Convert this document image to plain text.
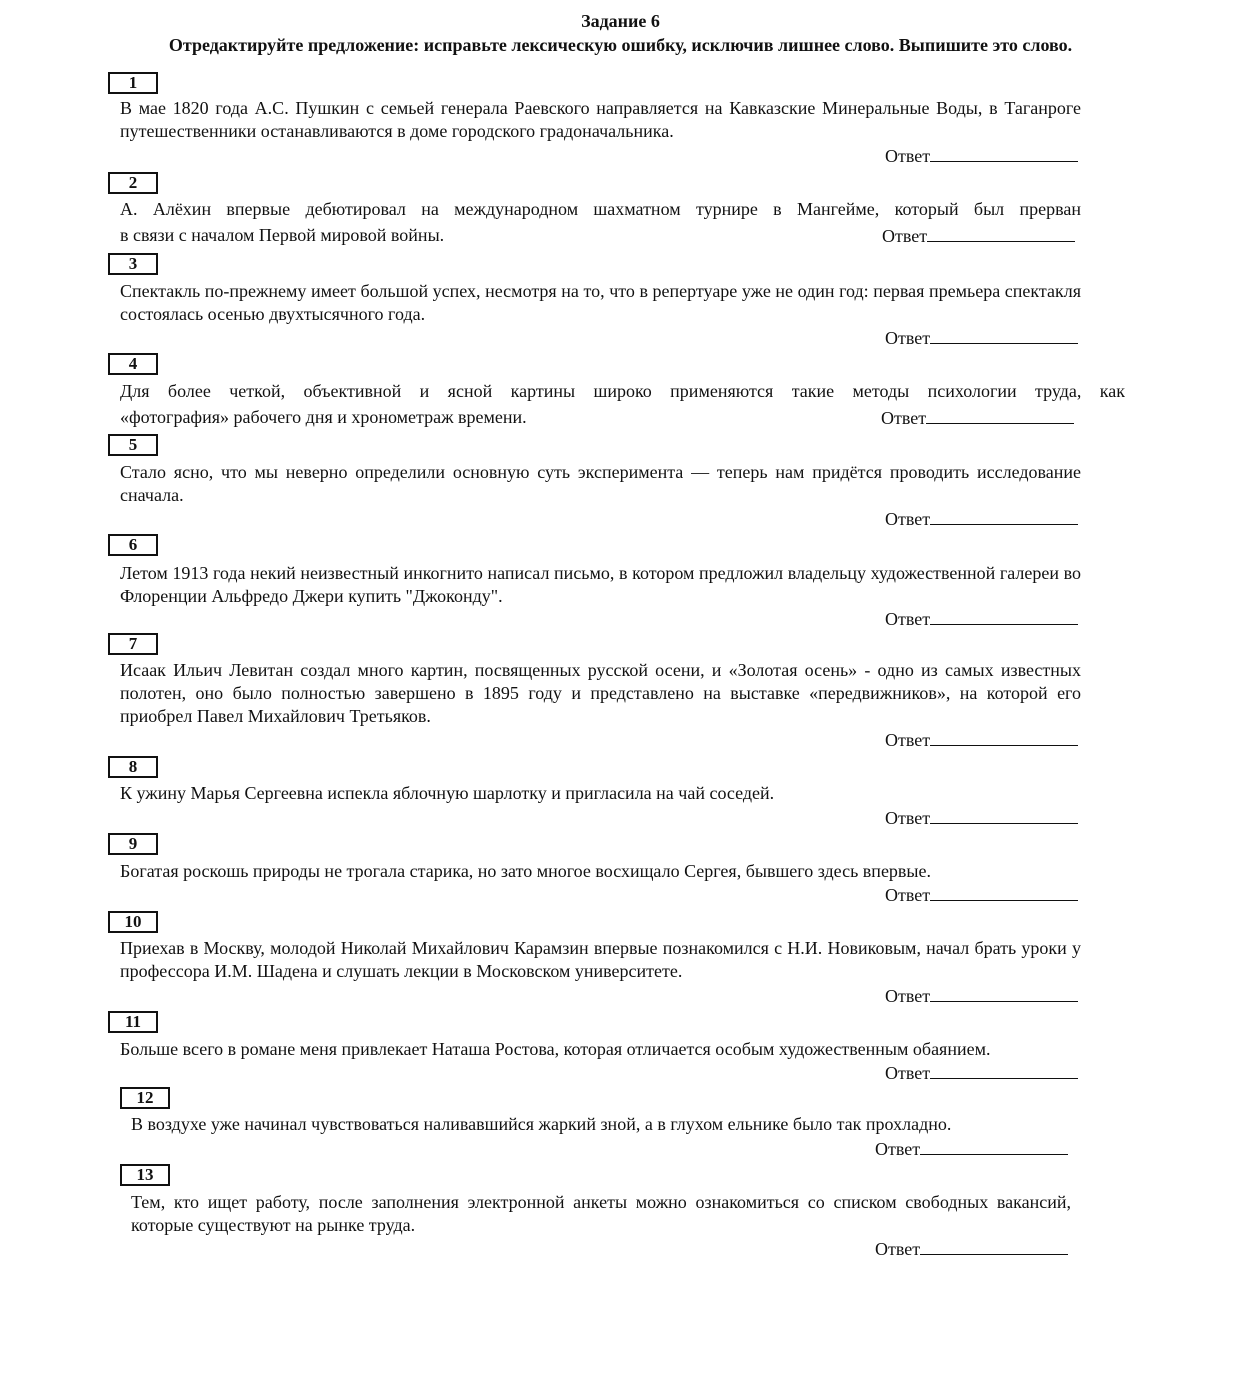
Задание 6
Отредактируйте предложение: исправьте лексическую ошибку, исключив лишнее слово. Выпишите это слово.
1
В мае 1820 года А.С. Пушкин с семьей генерала Раевского направляется на Кавказские Минеральные Воды, в Таганроге путешественники останавливаются в доме городского градоначальника.
Ответ
2
А. Алёхин впервые дебютировал на международном шахматном турнире в Мангейме, который был прерван
в связи с началом Первой мировой войны.	Ответ
3
Спектакль по-прежнему имеет большой успех, несмотря на то, что в репертуаре уже не один год: первая премьера спектакля состоялась осенью двухтысячного года.
Ответ
4
Для более четкой, объективной и ясной картины широко применяются такие методы психологии труда, как
«фотография» рабочего дня и хронометраж времени.	Ответ
5
Стало ясно, что мы неверно определили основную суть эксперимента — теперь нам придётся проводить исследование сначала.
Ответ
6
Летом 1913 года некий неизвестный инкогнито написал письмо, в котором предложил владельцу художественной галереи во Флоренции Альфредо Джери купить "Джоконду".
Ответ
7
Исаак Ильич Левитан создал много картин, посвященных русской осени, и «Золотая осень» - одно из самых известных полотен, оно было полностью завершено в 1895 году и представлено на выставке «передвижников», на которой его приобрел Павел Михайлович Третьяков.
Ответ
8
К ужину Марья Сергеевна испекла яблочную шарлотку и пригласила на чай соседей.
Ответ
9
Богатая роскошь природы не трогала старика, но зато многое восхищало Сергея, бывшего здесь впервые.
Ответ
10
Приехав в Москву, молодой Николай Михайлович Карамзин впервые познакомился с Н.И. Новиковым, начал брать уроки у профессора И.М. Шадена и слушать лекции в Московском университете.
Ответ
11
Больше всего в романе меня привлекает Наташа Ростова, которая отличается особым художественным обаянием.
Ответ
12
В воздухе уже начинал чувствоваться наливавшийся жаркий зной, а в глухом ельнике было так прохладно.
Ответ
13
Тем, кто ищет работу, после заполнения электронной анкеты можно ознакомиться со списком свободных вакансий, которые существуют на рынке труда.
Ответ
